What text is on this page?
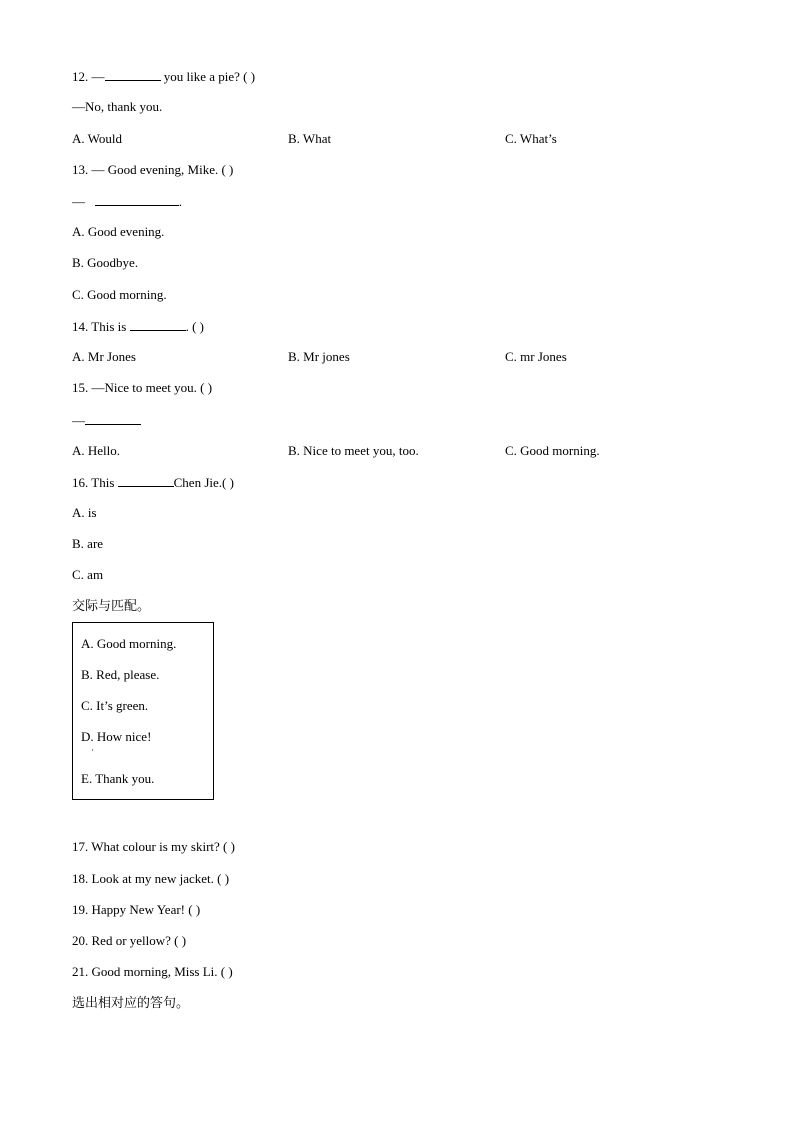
12. —	you like a pie? ( )
—No, thank you.
A. Would	B. What	C. What’s
13. — Good evening, Mike. ( )
—	.
A. Good evening.
B. Goodbye.
C. Good morning.
14. This is	. ( )
A. Mr Jones	B. Mr jones	C. mr Jones
15. —Nice to meet you. ( )
—
A. Hello.	B. Nice to meet you, too.	C. Good morning.
16. This	Chen Jie.( )
A. is
B. are
C. am
交际与匹配。
A. Good morning.
B. Red, please.
C. It’s green.
D. How nice!
·
E. Thank you.
17. What colour is my skirt? ( )
18. Look at my new jacket. ( )
19. Happy New Year! ( )
20. Red or yellow? ( )
21. Good morning, Miss Li. ( )
选出相对应的答句。
